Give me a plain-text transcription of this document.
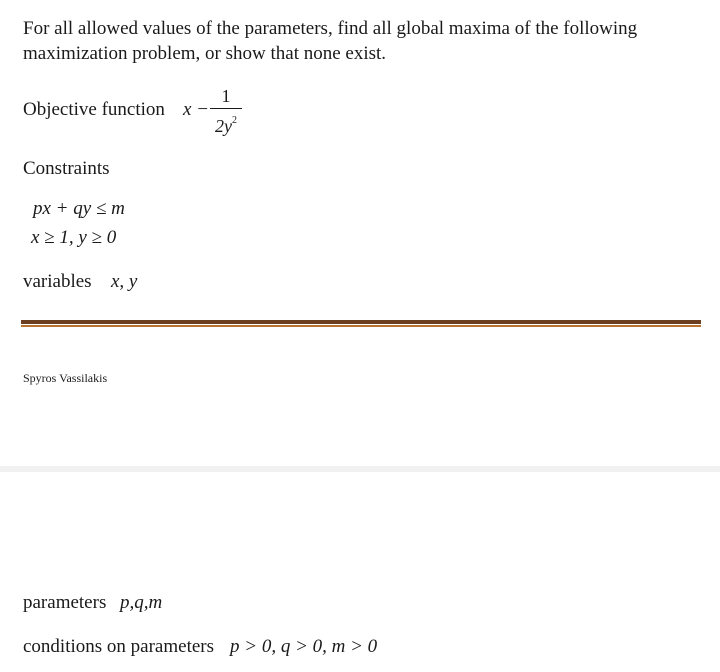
For all allowed values of the parameters, find all global maxima of the following
maximization problem, or show that none exist.
Objective function x −
1
$2y^2$
Constraints
px + qy ≤ m
x ≥ 1, y ≥ 0
variables x, y
Spyros Vassilakis
parameters p,q,m
conditions on parameters p > 0, q > 0, m > 0
